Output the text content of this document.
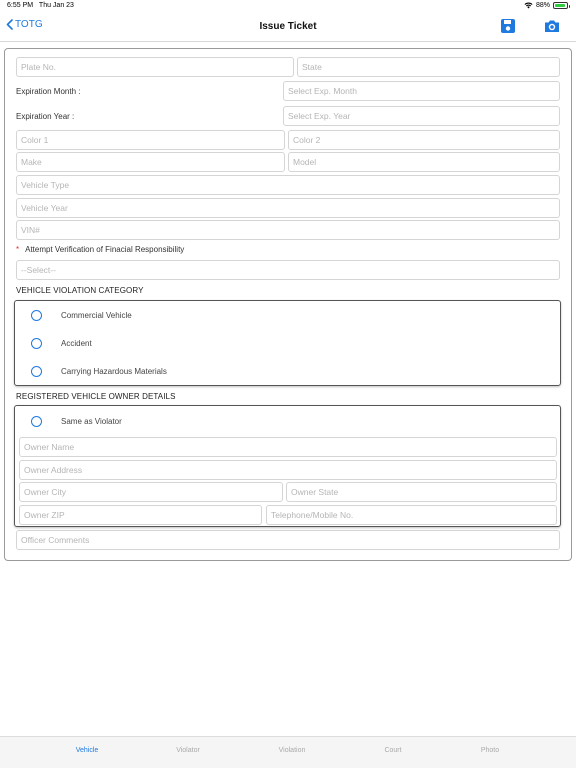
6:55 PM Thu Jan 23	88%
TOTG	Issue Ticket
Plate No.	State
Expiration Month :	Select Exp. Month
Expiration Year :	Select Exp. Year
Color 1	Color 2
Make	Model
Vehicle Type
Vehicle Year
VIN#
* Attempt Verification of Finacial Responsibility
--Select--
VEHICLE VIOLATION CATEGORY
Commercial Vehicle
Accident
Carrying Hazardous Materials
REGISTERED VEHICLE OWNER DETAILS
Same as Violator
Owner Name
Owner Address
Owner City	Owner State
Owner ZIP	Telephone/Mobile No.
Officer Comments
Vehicle	Violator	Violation	Court	Photo
